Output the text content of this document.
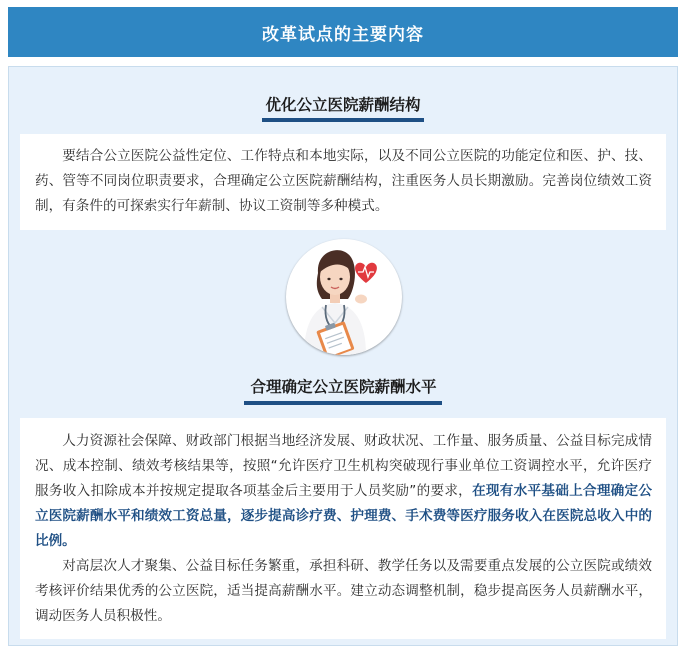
改革试点的主要内容
优化公立医院薪酬结构

要结合公立医院公益性定位、工作特点和本地实际，以及不同公立医院的功能定位和医、护、技、药、管等不同岗位职责要求，合理确定公立医院薪酬结构，注重医务人员长期激励。完善岗位绩效工资制，有条件的可探索实行年薪制、协议工资制等多种模式。

合理确定公立医院薪酬水平

人力资源社会保障、财政部门根据当地经济发展、财政状况、工作量、服务质量、公益目标完成情况、成本控制、绩效考核结果等，按照“允许医疗卫生机构突破现行事业单位工资调控水平，允许医疗服务收入扣除成本并按规定提取各项基金后主要用于人员奖励”的要求，在现有水平基础上合理确定公立医院薪酬水平和绩效工资总量，逐步提高诊疗费、护理费、手术费等医疗服务收入在医院总收入中的比例。

对高层次人才聚集、公益目标任务繁重，承担科研、教学任务以及需要重点发展的公立医院或绩效考核评价结果优秀的公立医院，适当提高薪酬水平。建立动态调整机制，稳步提高医务人员薪酬水平，调动医务人员积极性。
